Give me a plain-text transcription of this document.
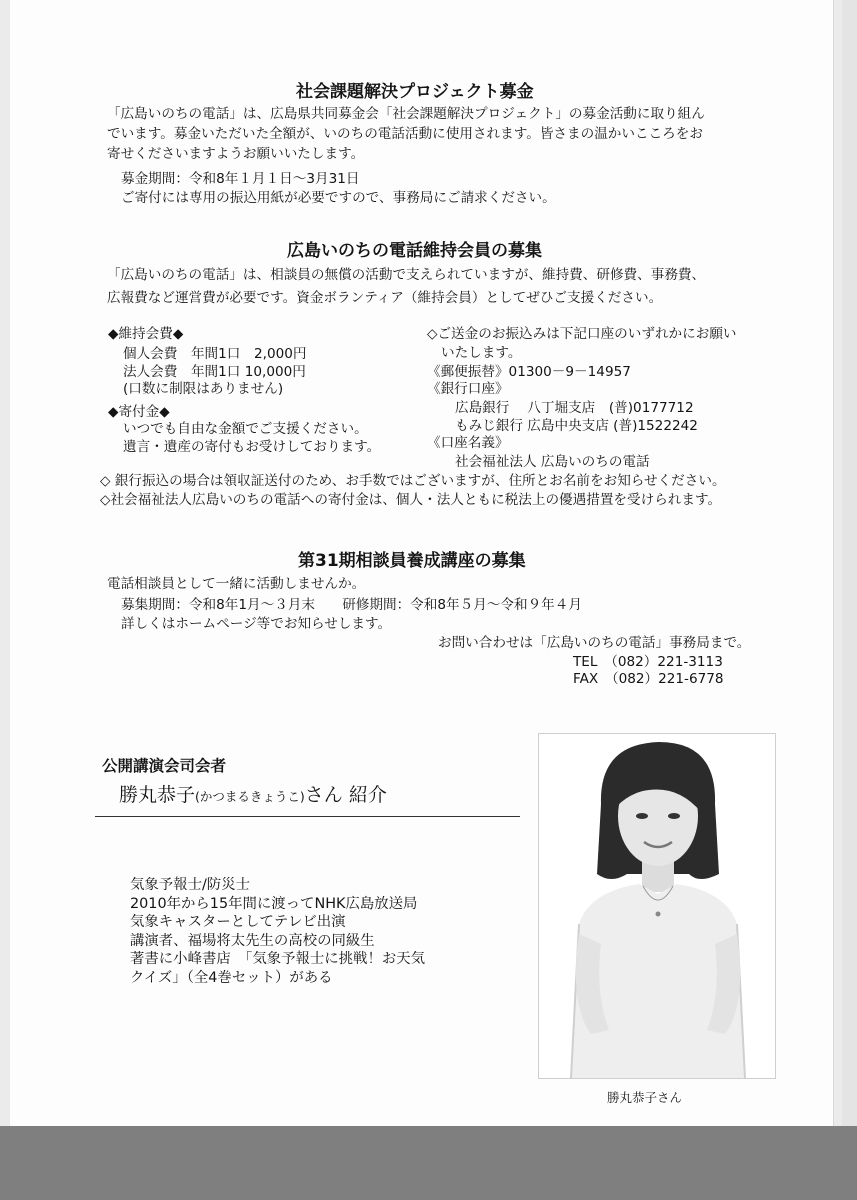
社会課題解決プロジェクト募金
「広島いのちの電話」は、広島県共同募金会「社会課題解決プロジェクト」の募金活動に取り組ん
でいます。募金いただいた全額が、いのちの電話活動に使用されます。皆さまの温かいこころをお
寄せくださいますようお願いいたします。
募金期間：令和8年１月１日～3月31日
ご寄付には専用の振込用紙が必要ですので、事務局にご請求ください。
広島いのちの電話維持会員の募集
「広島いのちの電話」は、相談員の無償の活動で支えられていますが、維持費、研修費、事務費、
広報費など運営費が必要です。資金ボランティア（維持会員）としてぜひご支援ください。
◆維持会費◆
個人会費　年間1口　2,000円
法人会費　年間1口 10,000円
(口数に制限はありません)
◆寄付金◆
いつでも自由な金額でご支援ください。
遺言・遺産の寄付もお受けしております。
◇ご送金のお振込みは下記口座のいずれかにお願い
いたします。
《郵便振替》01300－9－14957
《銀行口座》
広島銀行　 八丁堀支店　(普)0177712
もみじ銀行 広島中央支店 (普)1522242
《口座名義》
社会福祉法人 広島いのちの電話
◇ 銀行振込の場合は領収証送付のため、お手数ではございますが、住所とお名前をお知らせください。
◇社会福祉法人広島いのちの電話への寄付金は、個人・法人ともに税法上の優遇措置を受けられます。
第31期相談員養成講座の募集
電話相談員として一緒に活動しませんか。
募集期間：令和8年1月～３月末　　研修期間：令和8年５月～令和９年４月
詳しくはホームページ等でお知らせします。
お問い合わせは「広島いのちの電話」事務局まで。
TEL　（082）221-3113
FAX　（082）221-6778
公開講演会司会者
勝丸恭子(かつまるきょうこ)さん 紹介
気象予報士/防災士
2010年から15年間に渡ってNHK広島放送局
気象キャスターとしてテレビ出演
講演者、福場将太先生の高校の同級生
著書に小峰書店　「気象予報士に挑戦！お天気
クイズ」（全4巻セット）がある
勝丸恭子さん
